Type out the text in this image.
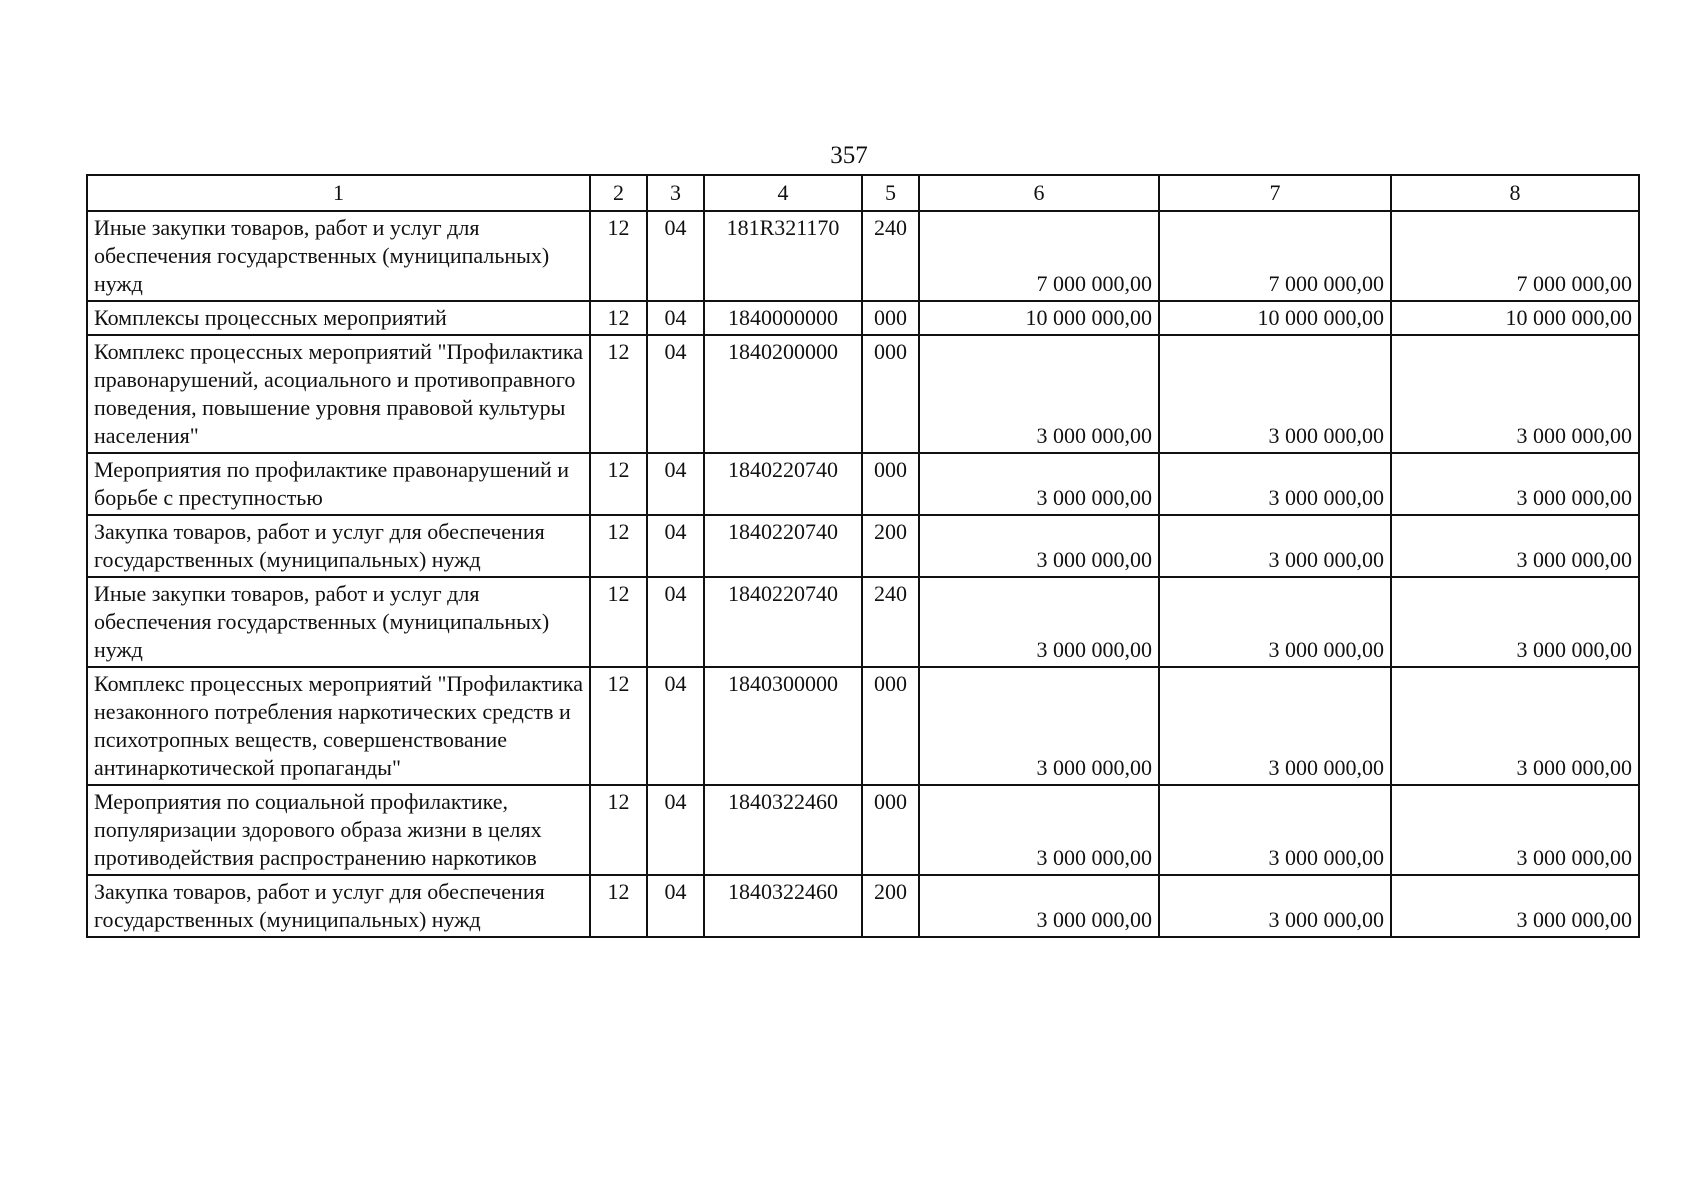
357
1	2	3	4	5	6	7	8
Иные закупки товаров, работ и услуг для обеспечения государственных (муниципальных) нужд	12	04	181R321170	240	7 000 000,00	7 000 000,00	7 000 000,00
Комплексы процессных мероприятий	12	04	1840000000	000	10 000 000,00	10 000 000,00	10 000 000,00
Комплекс процессных мероприятий "Профилактика правонарушений, асоциального и противоправного поведения, повышение уровня правовой культуры населения"	12	04	1840200000	000	3 000 000,00	3 000 000,00	3 000 000,00
Мероприятия по профилактике правонарушений и борьбе с преступностью	12	04	1840220740	000	3 000 000,00	3 000 000,00	3 000 000,00
Закупка товаров, работ и услуг для обеспечения государственных (муниципальных) нужд	12	04	1840220740	200	3 000 000,00	3 000 000,00	3 000 000,00
Иные закупки товаров, работ и услуг для обеспечения государственных (муниципальных) нужд	12	04	1840220740	240	3 000 000,00	3 000 000,00	3 000 000,00
Комплекс процессных мероприятий "Профилактика незаконного потребления наркотических средств и психотропных веществ, совершенствование антинаркотической пропаганды"	12	04	1840300000	000	3 000 000,00	3 000 000,00	3 000 000,00
Мероприятия по социальной профилактике, популяризации здорового образа жизни в целях противодействия распространению наркотиков	12	04	1840322460	000	3 000 000,00	3 000 000,00	3 000 000,00
Закупка товаров, работ и услуг для обеспечения государственных (муниципальных) нужд	12	04	1840322460	200	3 000 000,00	3 000 000,00	3 000 000,00
